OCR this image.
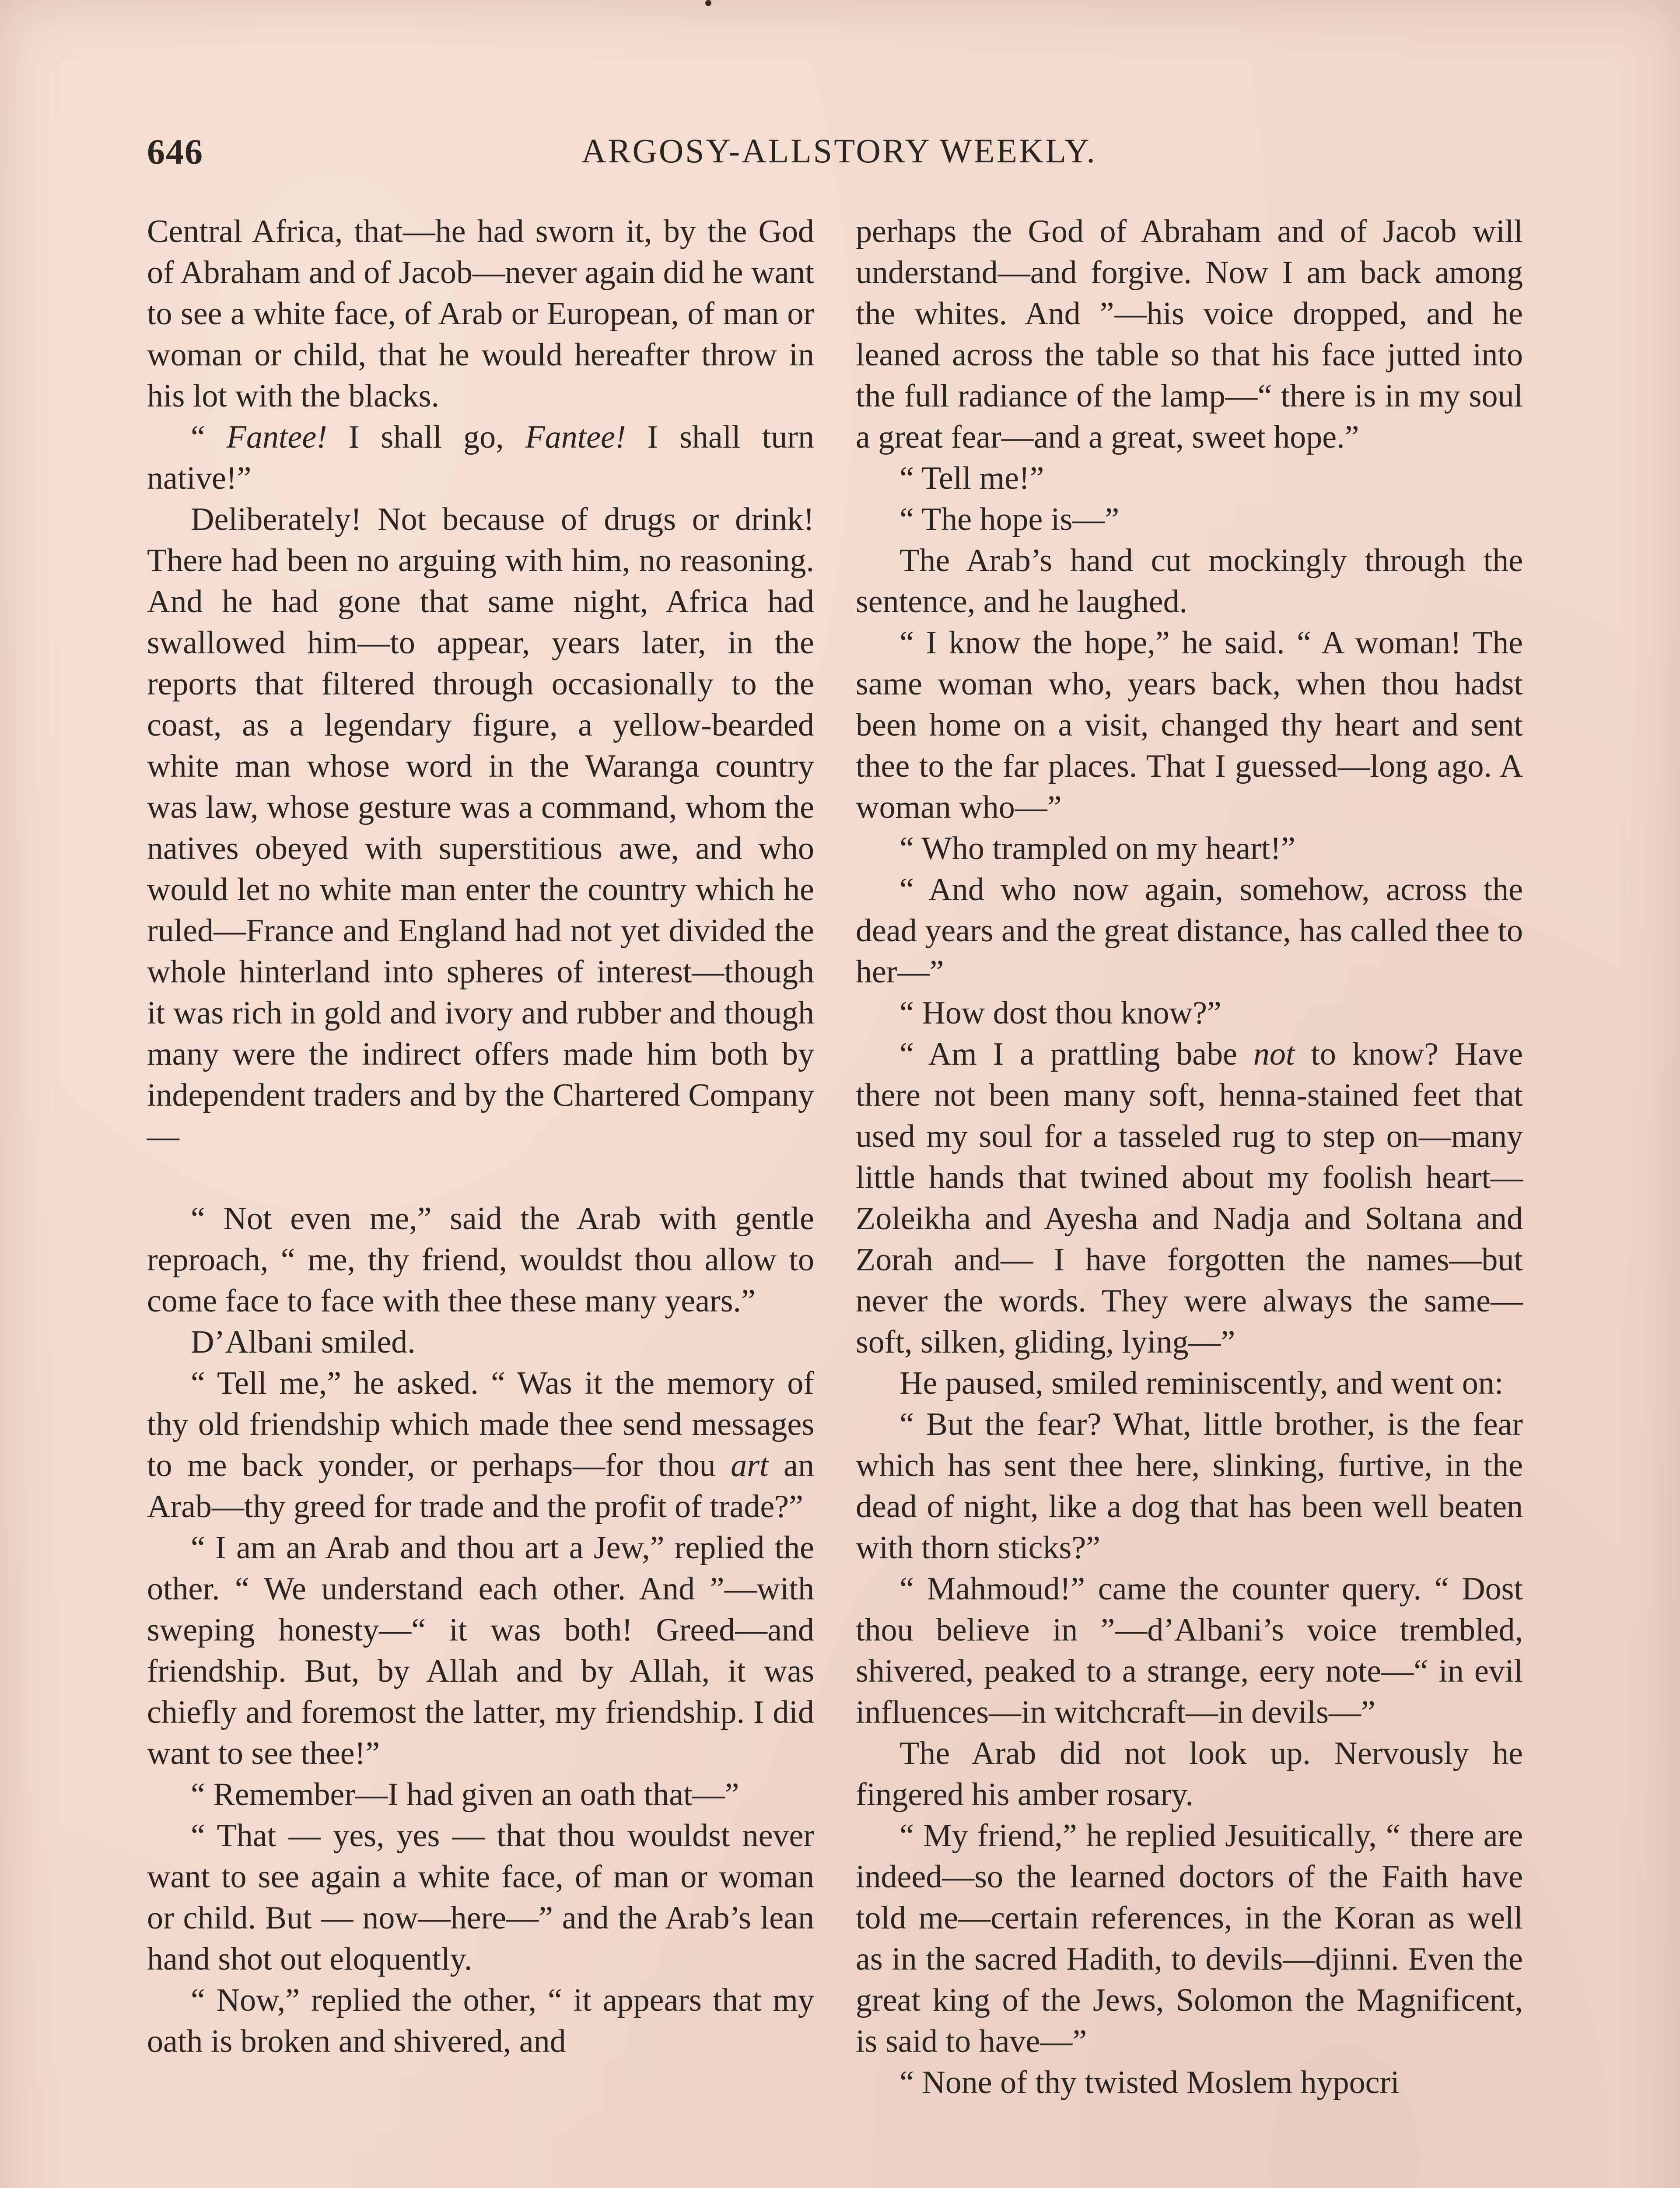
646	ARGOSY-ALLSTORY WEEKLY.

Central Africa, that—he had sworn it, by the God of Abraham and of Jacob—never again did he want to see a white face, of Arab or European, of man or woman or child, that he would hereafter throw in his lot with the blacks.

“ Fantee! I shall go, Fantee! I shall turn native!”

Deliberately! Not because of drugs or drink! There had been no arguing with him, no reasoning. And he had gone that same night, Africa had swallowed him—to appear, years later, in the reports that filtered through occasionally to the coast, as a legendary figure, a yellow-bearded white man whose word in the Waranga country was law, whose gesture was a command, whom the natives obeyed with superstitious awe, and who would let no white man enter the country which he ruled—France and England had not yet divided the whole hinterland into spheres of interest—though it was rich in gold and ivory and rubber and though many were the indirect offers made him both by independent traders and by the Chartered Company—

“ Not even me,” said the Arab with gentle reproach, “ me, thy friend, wouldst thou allow to come face to face with thee these many years.”

D’Albani smiled.

“ Tell me,” he asked. “ Was it the memory of thy old friendship which made thee send messages to me back yonder, or perhaps—for thou art an Arab—thy greed for trade and the profit of trade?”

“ I am an Arab and thou art a Jew,” replied the other. “ We understand each other. And ”—with sweping honesty—“ it was both! Greed—and friendship. But, by Allah and by Allah, it was chiefly and foremost the latter, my friendship. I did want to see thee!”

“ Remember—I had given an oath that—”

“ That — yes, yes — that thou wouldst never want to see again a white face, of man or woman or child. But — now—here—” and the Arab’s lean hand shot out eloquently.

“ Now,” replied the other, “ it appears that my oath is broken and shivered, and

perhaps the God of Abraham and of Jacob will understand—and forgive. Now I am back among the whites. And ”—his voice dropped, and he leaned across the table so that his face jutted into the full radiance of the lamp—“ there is in my soul a great fear—and a great, sweet hope.”

“ Tell me!”

“ The hope is—”

The Arab’s hand cut mockingly through the sentence, and he laughed.

“ I know the hope,” he said. “ A woman! The same woman who, years back, when thou hadst been home on a visit, changed thy heart and sent thee to the far places. That I guessed—long ago. A woman who—”

“ Who trampled on my heart!”

“ And who now again, somehow, across the dead years and the great distance, has called thee to her—”

“ How dost thou know?”

“ Am I a prattling babe not to know? Have there not been many soft, henna-stained feet that used my soul for a tasseled rug to step on—many little hands that twined about my foolish heart—Zoleikha and Ayesha and Nadja and Soltana and Zorah and— I have forgotten the names—but never the words. They were always the same—soft, silken, gliding, lying—”

He paused, smiled reminiscently, and went on:

“ But the fear? What, little brother, is the fear which has sent thee here, slinking, furtive, in the dead of night, like a dog that has been well beaten with thorn sticks?”

“ Mahmoud!” came the counter query. “ Dost thou believe in ”—d’Albani’s voice trembled, shivered, peaked to a strange, eery note—“ in evil influences—in witchcraft—in devils—”

The Arab did not look up. Nervously he fingered his amber rosary.

“ My friend,” he replied Jesuitically, “ there are indeed—so the learned doctors of the Faith have told me—certain references, in the Koran as well as in the sacred Hadith, to devils—djinni. Even the great king of the Jews, Solomon the Magnificent, is said to have—”

“ None of thy twisted Moslem hypocri
